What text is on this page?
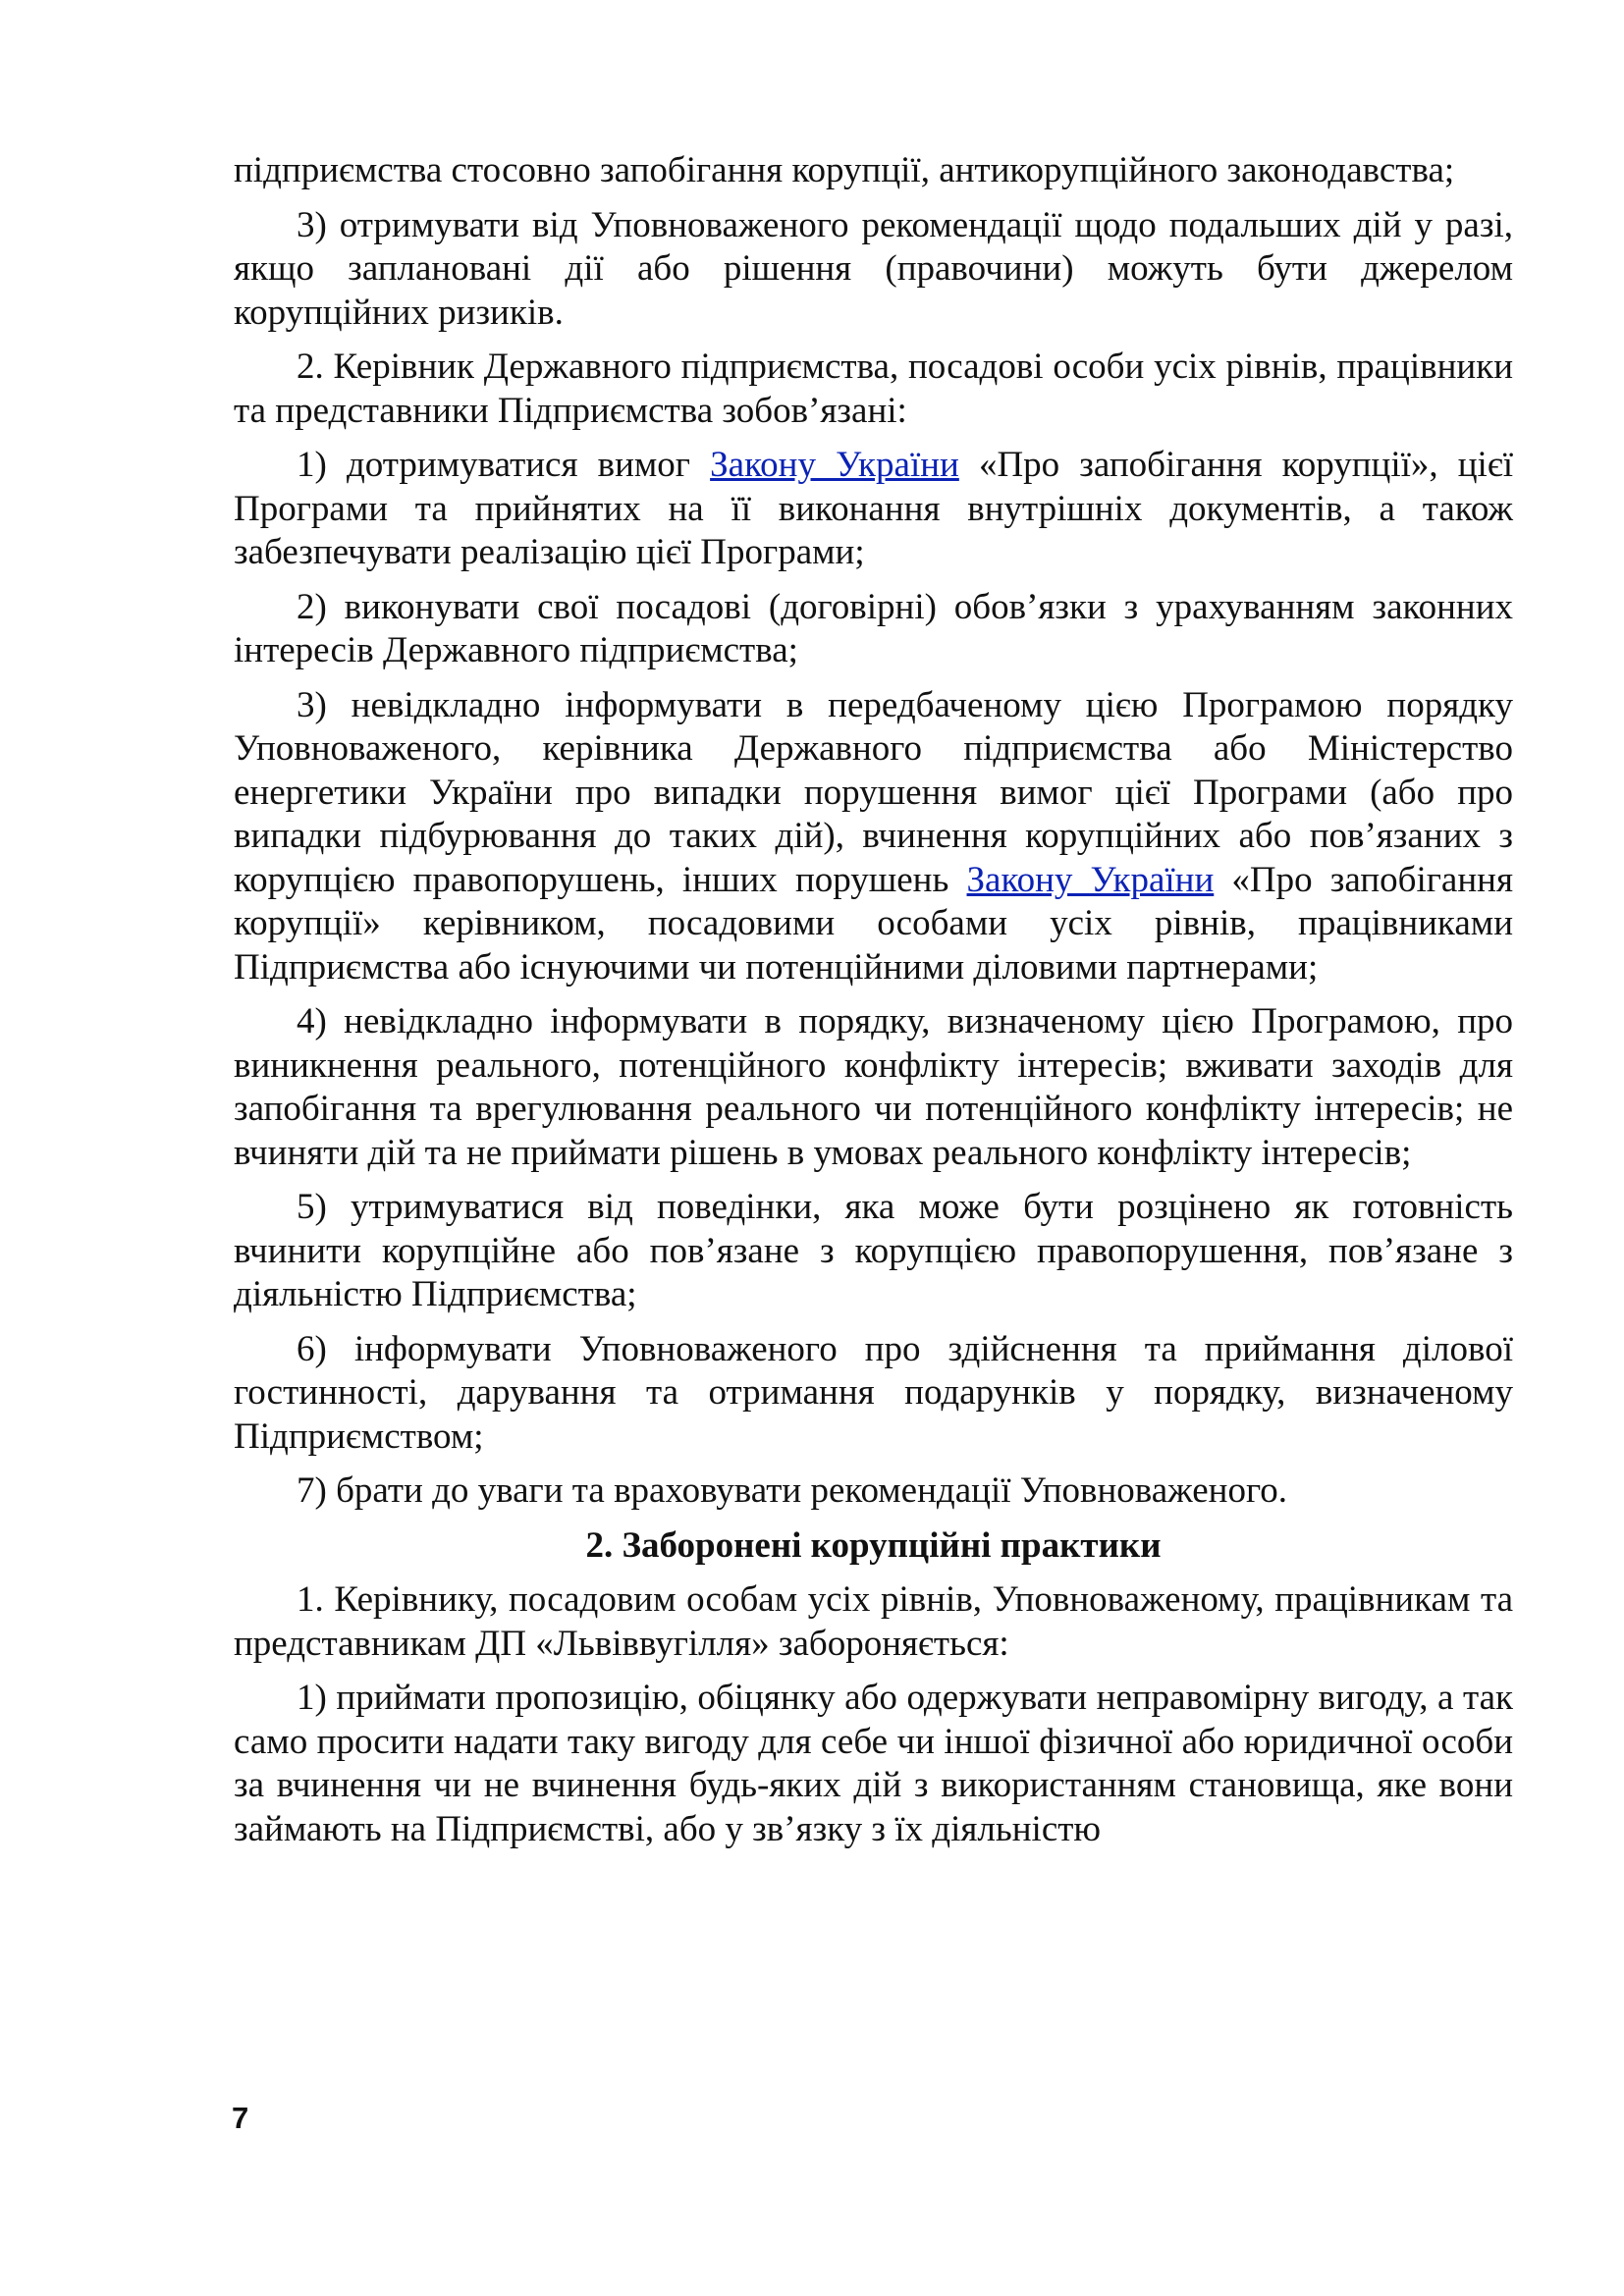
підприємства стосовно запобігання корупції, антикорупційного законодавства;

3) отримувати від Уповноваженого рекомендації щодо подальших дій у разі, якщо заплановані дії або рішення (правочини) можуть бути джерелом корупційних ризиків.

2. Керівник Державного підприємства, посадові особи усіх рівнів, працівники та представники Підприємства зобов’язані:

1) дотримуватися вимог Закону України «Про запобігання корупції», цієї Програми та прийнятих на її виконання внутрішніх документів, а також забезпечувати реалізацію цієї Програми;

2) виконувати свої посадові (договірні) обов’язки з урахуванням законних інтересів Державного підприємства;

3) невідкладно інформувати в передбаченому цією Програмою порядку Уповноваженого, керівника Державного підприємства або Міністерство енергетики України про випадки порушення вимог цієї Програми (або про випадки підбурювання до таких дій), вчинення корупційних або пов’язаних з корупцією правопорушень, інших порушень Закону України «Про запобігання корупції» керівником, посадовими особами усіх рівнів, працівниками Підприємства або існуючими чи потенційними діловими партнерами;

4) невідкладно інформувати в порядку, визначеному цією Програмою, про виникнення реального, потенційного конфлікту інтересів; вживати заходів для запобігання та врегулювання реального чи потенційного конфлікту інтересів; не вчиняти дій та не приймати рішень в умовах реального конфлікту інтересів;

5) утримуватися від поведінки, яка може бути розцінено як готовність вчинити корупційне або пов’язане з корупцією правопорушення, пов’язане з діяльністю Підприємства;

6) інформувати Уповноваженого про здійснення та приймання ділової гостинності, дарування та отримання подарунків у порядку, визначеному Підприємством;

7) брати до уваги та враховувати рекомендації Уповноваженого.

2. Заборонені корупційні практики

1. Керівнику, посадовим особам усіх рівнів, Уповноваженому, працівникам та представникам ДП «Львіввугілля» забороняється:

1) приймати пропозицію, обіцянку або одержувати неправомірну вигоду, а так само просити надати таку вигоду для себе чи іншої фізичної або юридичної особи за вчинення чи не вчинення будь-яких дій з використанням становища, яке вони займають на Підприємстві, або у зв’язку з їх діяльністю

7
